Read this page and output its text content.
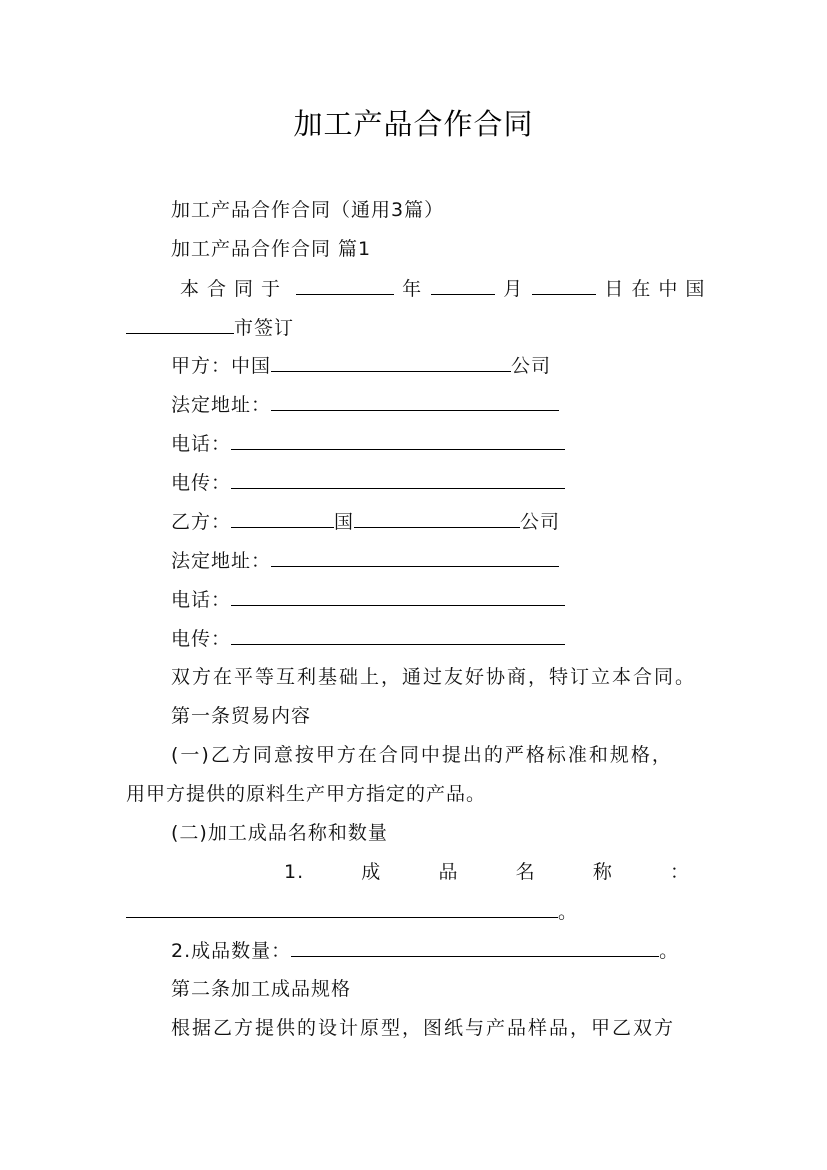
加工产品合作合同
加工产品合作合同（通用3篇）
加工产品合作合同 篇1
本合同于	年	月	日在中国
市签订
甲方：中国	公司
法定地址：
电话：
电传：
乙方：	国	公司
法定地址：
电话：
电传：
双方在平等互利基础上，通过友好协商，特订立本合同。
第一条贸易内容
(一)乙方同意按甲方在合同中提出的严格标准和规格，
用甲方提供的原料生产甲方指定的产品。
(二)加工成品名称和数量
1.	成	品	名	称	：
。
2.成品数量：	。
第二条加工成品规格
根据乙方提供的设计原型，图纸与产品样品，甲乙双方
